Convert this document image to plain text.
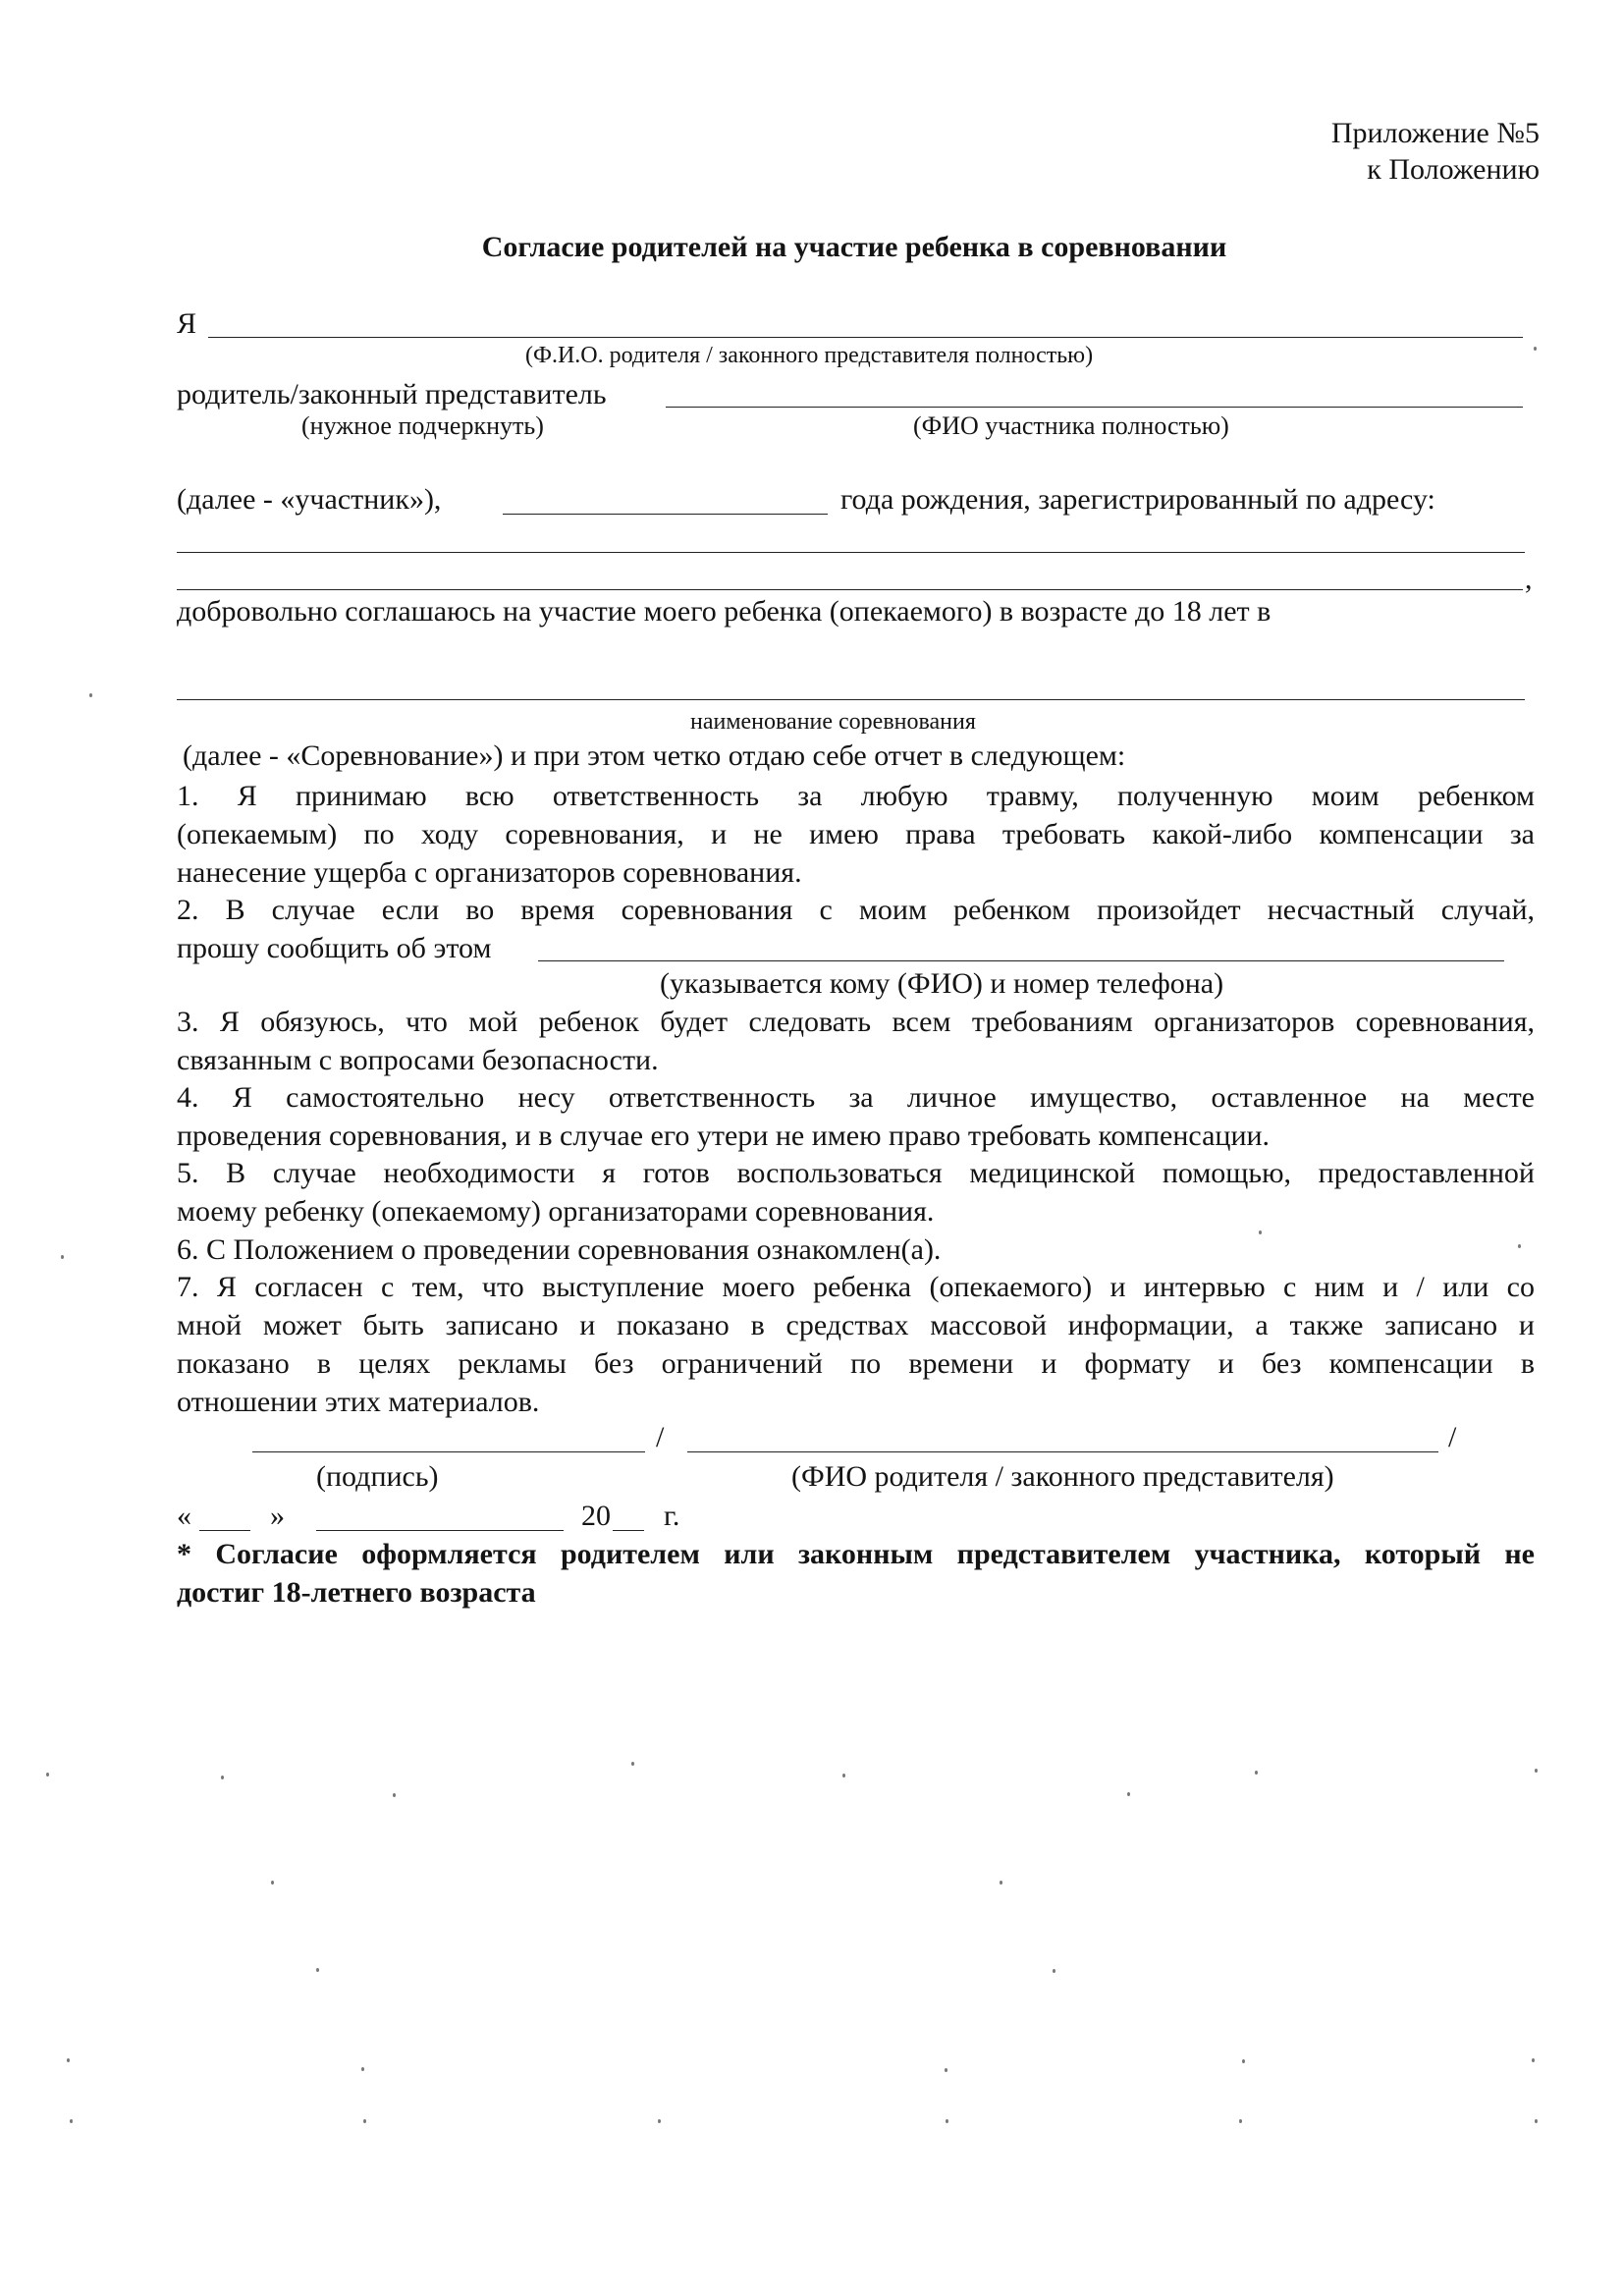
Приложение №5
к Положению
Согласие родителей на участие ребенка в соревновании
Я
(Ф.И.О. родителя / законного представителя полностью)
родитель/законный представитель
(нужное подчеркнуть)	(ФИО участника полностью)
(далее - «участник»),	года рождения, зарегистрированный по адресу:
,
добровольно соглашаюсь на участие моего ребенка (опекаемого) в возрасте до 18 лет в
наименование соревнования
(далее - «Соревнование») и при этом четко отдаю себе отчет в следующем:
1. Я принимаю всю ответственность за любую травму, полученную моим ребенком
(опекаемым) по ходу соревнования, и не имею права требовать какой-либо компенсации за
нанесение ущерба с организаторов соревнования.
2. В случае если во время соревнования с моим ребенком произойдет несчастный случай,
прошу сообщить об этом
(указывается кому (ФИО) и номер телефона)
3. Я обязуюсь, что мой ребенок будет следовать всем требованиям организаторов соревнования,
связанным с вопросами безопасности.
4. Я самостоятельно несу ответственность за личное имущество, оставленное на месте
проведения соревнования, и в случае его утери не имею право требовать компенсации.
5. В случае необходимости я готов воспользоваться медицинской помощью, предоставленной
моему ребенку (опекаемому) организаторами соревнования.
6. С Положением о проведении соревнования ознакомлен(а).
7. Я согласен с тем, что выступление моего ребенка (опекаемого) и интервью с ним и / или со
мной может быть записано и показано в средствах массовой информации, а также записано и
показано в целях рекламы без ограничений по времени и формату и без компенсации в
отношении этих материалов.
/	/
(подпись)	(ФИО родителя / законного представителя)
«	»	20 г.
* Согласие оформляется родителем или законным представителем участника, который не
достиг 18-летнего возраста
